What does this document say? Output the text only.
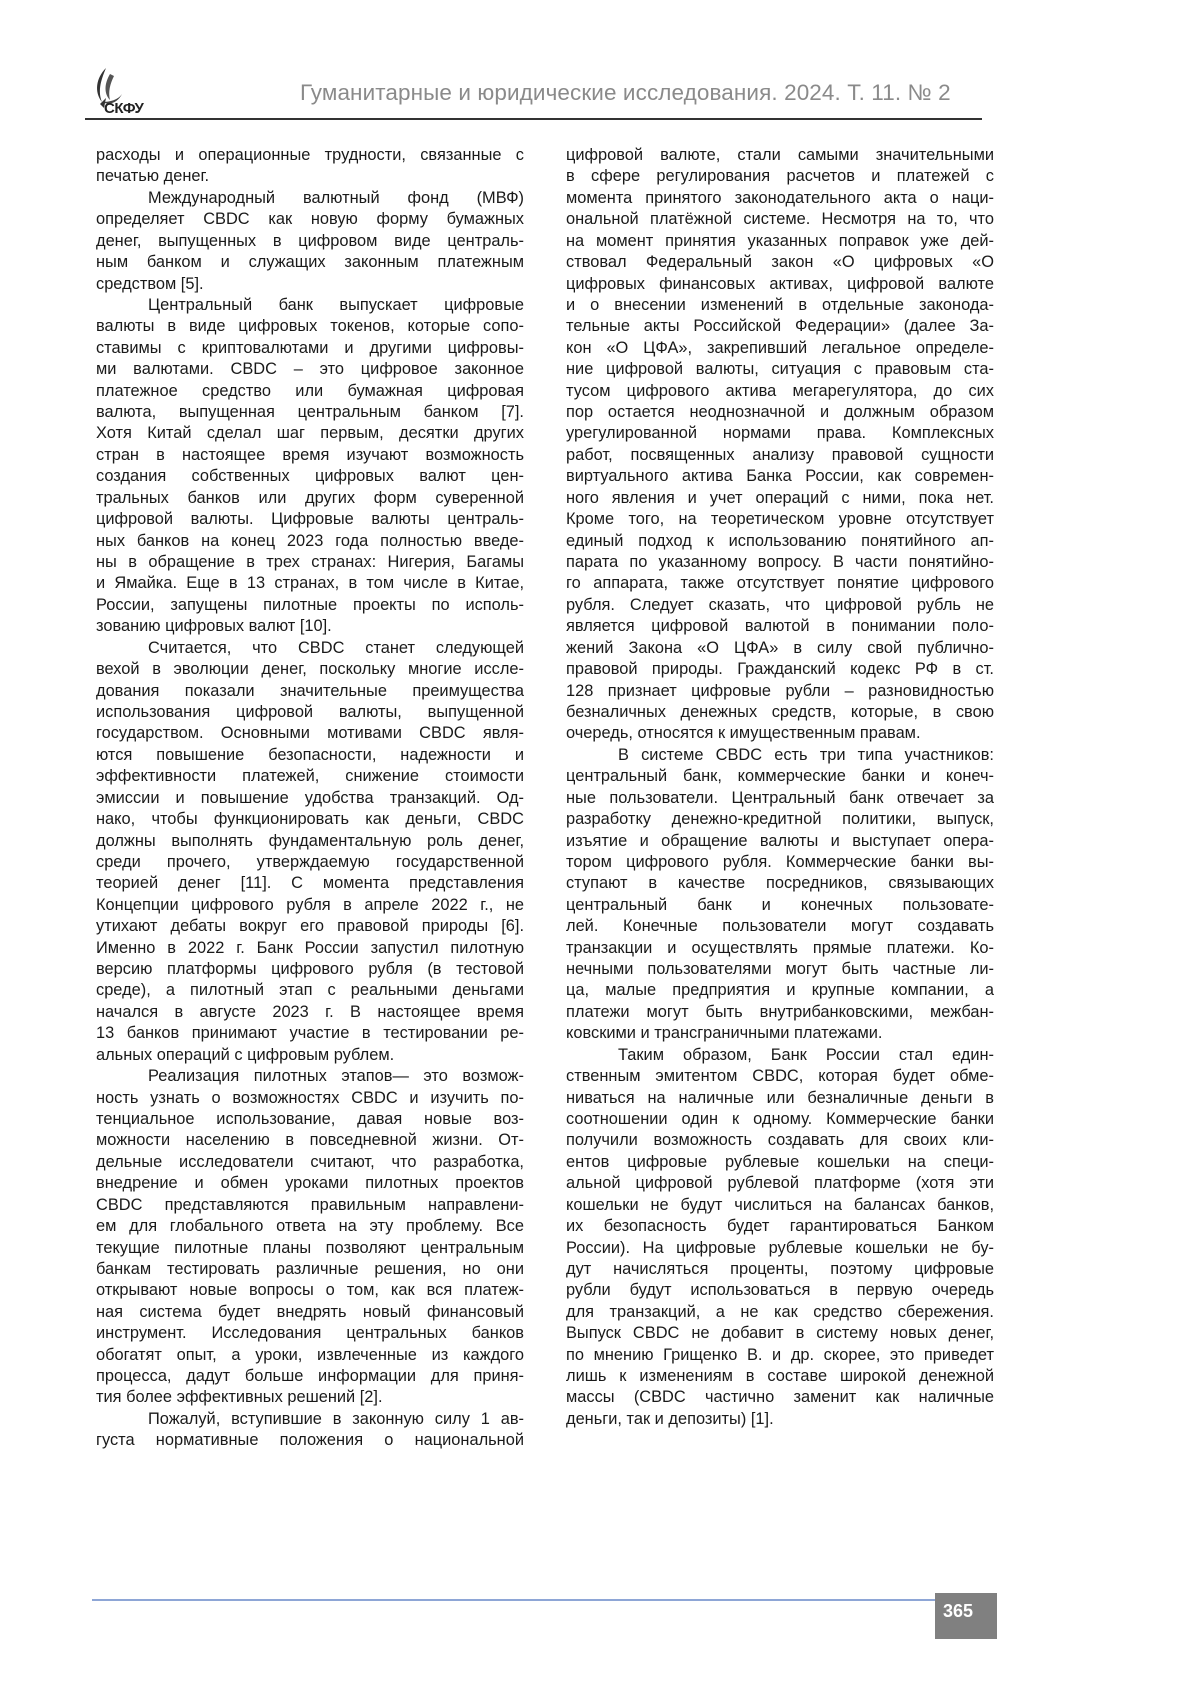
СКФУ
Гуманитарные и юридические исследования. 2024. Т. 11. № 2
расходы и операционные трудности, связанные с
печатью денег.
Международный валютный фонд (МВФ)
определяет CBDC как новую форму бумажных
денег, выпущенных в цифровом виде централь-
ным банком и служащих законным платежным
средством [5].
Центральный банк выпускает цифровые
валюты в виде цифровых токенов, которые сопо-
ставимы с криптовалютами и другими цифровы-
ми валютами. CBDC – это цифровое законное
платежное средство или бумажная цифровая
валюта, выпущенная центральным банком [7].
Хотя Китай сделал шаг первым, десятки других
стран в настоящее время изучают возможность
создания собственных цифровых валют цен-
тральных банков или других форм суверенной
цифровой валюты. Цифровые валюты централь-
ных банков на конец 2023 года полностью введе-
ны в обращение в трех странах: Нигерия, Багамы
и Ямайка. Еще в 13 странах, в том числе в Китае,
России, запущены пилотные проекты по исполь-
зованию цифровых валют [10].
Считается, что CBDC станет следующей
вехой в эволюции денег, поскольку многие иссле-
дования показали значительные преимущества
использования цифровой валюты, выпущенной
государством. Основными мотивами CBDC явля-
ются повышение безопасности, надежности и
эффективности платежей, снижение стоимости
эмиссии и повышение удобства транзакций. Од-
нако, чтобы функционировать как деньги, CBDC
должны выполнять фундаментальную роль денег,
среди прочего, утверждаемую государственной
теорией денег [11]. С момента представления
Концепции цифрового рубля в апреле 2022 г., не
утихают дебаты вокруг его правовой природы [6].
Именно в 2022 г. Банк России запустил пилотную
версию платформы цифрового рубля (в тестовой
среде), а пилотный этап с реальными деньгами
начался в августе 2023 г. В настоящее время
13 банков принимают участие в тестировании ре-
альных операций с цифровым рублем.
Реализация пилотных этапов— это возмож-
ность узнать о возможностях CBDC и изучить по-
тенциальное использование, давая новые воз-
можности населению в повседневной жизни. От-
дельные исследователи считают, что разработка,
внедрение и обмен уроками пилотных проектов
CBDC представляются правильным направлени-
ем для глобального ответа на эту проблему. Все
текущие пилотные планы позволяют центральным
банкам тестировать различные решения, но они
открывают новые вопросы о том, как вся платеж-
ная система будет внедрять новый финансовый
инструмент. Исследования центральных банков
обогатят опыт, а уроки, извлеченные из каждого
процесса, дадут больше информации для приня-
тия более эффективных решений [2].
Пожалуй, вступившие в законную силу 1 ав-
густа нормативные положения о национальной
цифровой валюте, стали самыми значительными
в сфере регулирования расчетов и платежей с
момента принятого законодательного акта о наци-
ональной платёжной системе. Несмотря на то, что
на момент принятия указанных поправок уже дей-
ствовал Федеральный закон «О цифровых «О
цифровых финансовых активах, цифровой валюте
и о внесении изменений в отдельные законода-
тельные акты Российской Федерации» (далее За-
кон «О ЦФА», закрепивший легальное определе-
ние цифровой валюты, ситуация с правовым ста-
тусом цифрового актива мегарегулятора, до сих
пор остается неоднозначной и должным образом
урегулированной нормами права. Комплексных
работ, посвященных анализу правовой сущности
виртуального актива Банка России, как современ-
ного явления и учет операций с ними, пока нет.
Кроме того, на теоретическом уровне отсутствует
единый подход к использованию понятийного ап-
парата по указанному вопросу. В части понятийно-
го аппарата, также отсутствует понятие цифрового
рубля. Следует сказать, что цифровой рубль не
является цифровой валютой в понимании поло-
жений Закона «О ЦФА» в силу свой публично-
правовой природы. Гражданский кодекс РФ в ст.
128 признает цифровые рубли – разновидностью
безналичных денежных средств, которые, в свою
очередь, относятся к имущественным правам.
В системе CBDC есть три типа участников:
центральный банк, коммерческие банки и конеч-
ные пользователи. Центральный банк отвечает за
разработку денежно-кредитной политики, выпуск,
изъятие и обращение валюты и выступает опера-
тором цифрового рубля. Коммерческие банки вы-
ступают в качестве посредников, связывающих
центральный банк и конечных пользовате-
лей. Конечные пользователи могут создавать
транзакции и осуществлять прямые платежи. Ко-
нечными пользователями могут быть частные ли-
ца, малые предприятия и крупные компании, а
платежи могут быть внутрибанковскими, межбан-
ковскими и трансграничными платежами.
Таким образом, Банк России стал един-
ственным эмитентом CBDC, которая будет обме-
ниваться на наличные или безналичные деньги в
соотношении один к одному. Коммерческие банки
получили возможность создавать для своих кли-
ентов цифровые рублевые кошельки на специ-
альной цифровой рублевой платформе (хотя эти
кошельки не будут числиться на балансах банков,
их безопасность будет гарантироваться Банком
России). На цифровые рублевые кошельки не бу-
дут начисляться проценты, поэтому цифровые
рубли будут использоваться в первую очередь
для транзакций, а не как средство сбережения.
Выпуск CBDC не добавит в систему новых денег,
по мнению Грищенко В. и др. скорее, это приведет
лишь к изменениям в составе широкой денежной
массы (CBDC частично заменит как наличные
деньги, так и депозиты) [1].
365
